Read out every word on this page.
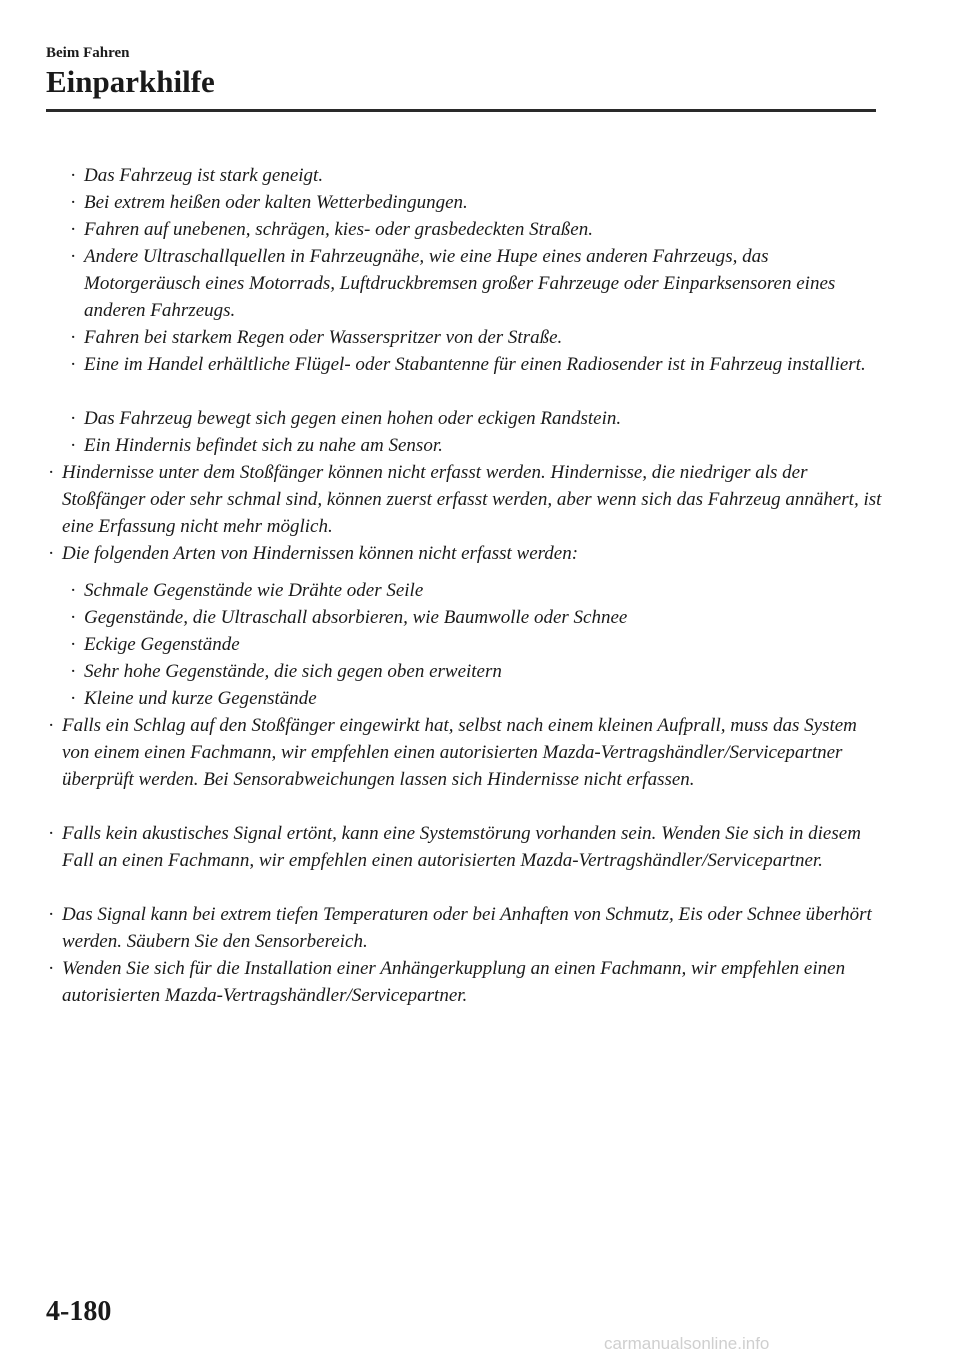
Beim Fahren
Einparkhilfe
· Das Fahrzeug ist stark geneigt.
· Bei extrem heißen oder kalten Wetterbedingungen.
· Fahren auf unebenen, schrägen, kies- oder grasbedeckten Straßen.
· Andere Ultraschallquellen in Fahrzeugnähe, wie eine Hupe eines anderen Fahrzeugs, das Motorgeräusch eines Motorrads, Luftdruckbremsen großer Fahrzeuge oder Einparksensoren eines anderen Fahrzeugs.
· Fahren bei starkem Regen oder Wasserspritzer von der Straße.
· Eine im Handel erhältliche Flügel- oder Stabantenne für einen Radiosender ist in Fahrzeug installiert.
· Das Fahrzeug bewegt sich gegen einen hohen oder eckigen Randstein.
· Ein Hindernis befindet sich zu nahe am Sensor.
· Hindernisse unter dem Stoßfänger können nicht erfasst werden. Hindernisse, die niedriger als der Stoßfänger oder sehr schmal sind, können zuerst erfasst werden, aber wenn sich das Fahrzeug annähert, ist eine Erfassung nicht mehr möglich.
· Die folgenden Arten von Hindernissen können nicht erfasst werden:
· Schmale Gegenstände wie Drähte oder Seile
· Gegenstände, die Ultraschall absorbieren, wie Baumwolle oder Schnee
· Eckige Gegenstände
· Sehr hohe Gegenstände, die sich gegen oben erweitern
· Kleine und kurze Gegenstände
· Falls ein Schlag auf den Stoßfänger eingewirkt hat, selbst nach einem kleinen Aufprall, muss das System von einem einen Fachmann, wir empfehlen einen autorisierten Mazda-Vertragshändler/Servicepartner überprüft werden. Bei Sensorabweichungen lassen sich Hindernisse nicht erfassen.
· Falls kein akustisches Signal ertönt, kann eine Systemstörung vorhanden sein. Wenden Sie sich in diesem Fall an einen Fachmann, wir empfehlen einen autorisierten Mazda-Vertragshändler/Servicepartner.
· Das Signal kann bei extrem tiefen Temperaturen oder bei Anhaften von Schmutz, Eis oder Schnee überhört werden. Säubern Sie den Sensorbereich.
· Wenden Sie sich für die Installation einer Anhängerkupplung an einen Fachmann, wir empfehlen einen autorisierten Mazda-Vertragshändler/Servicepartner.
4-180
carmanualsonline.info
